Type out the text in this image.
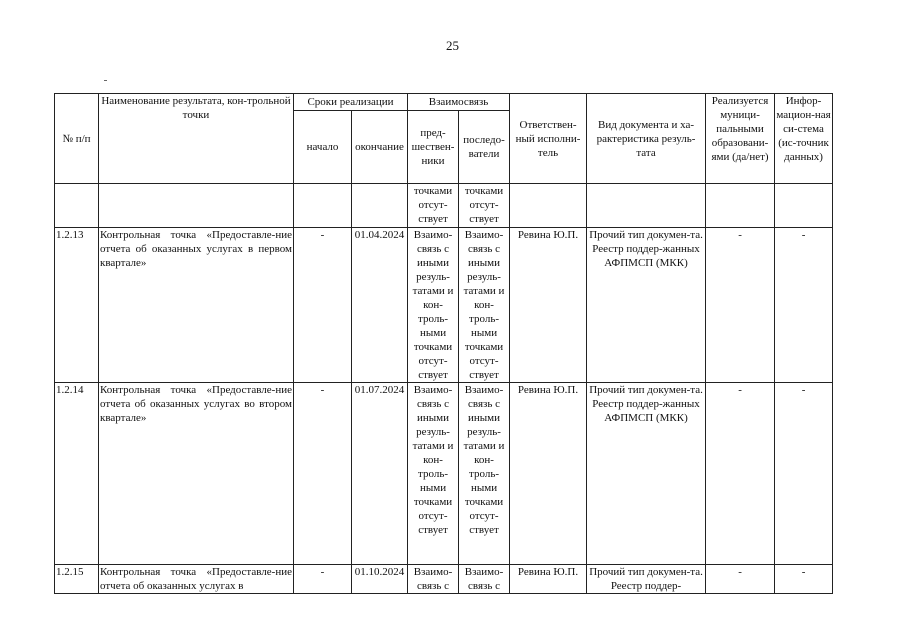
25
№ п/п	Наименование результата, кон-трольной точки	Сроки реализации		Взаимосвязь		Ответствен-ный исполни-тель	Вид документа и ха-рактеристика резуль-тата	Реализуется муници-пальными образовани-ями (да/нет)	Инфор-мацион-ная си-стема (ис-точник данных)
		начало	окончание	пред-шествен-ники	последо-ватели				
				точками отсут-ствует	точками отсут-ствует				
1.2.13	Контрольная точка «Предоставле-ние отчета об оказанных услугах в первом квартале»	-	01.04.2024	Взаимо-связь с иными резуль-татами и кон-троль-ными точками отсут-ствует	Взаимо-связь с иными резуль-татами и кон-троль-ными точками отсут-ствует	Ревина Ю.П.	Прочий тип докумен-та. Реестр поддер-жанных АФПМСП (МКК)	-	-
1.2.14	Контрольная точка «Предоставле-ние отчета об оказанных услугах во втором квартале»	-	01.07.2024	Взаимо-связь с иными резуль-татами и кон-троль-ными точками отсут-ствует	Взаимо-связь с иными резуль-татами и кон-троль-ными точками отсут-ствует	Ревина Ю.П.	Прочий тип докумен-та. Реестр поддер-жанных АФПМСП (МКК)	-	-

1.2.15	Контрольная точка «Предоставле-ние отчета об оказанных услугах в	-	01.10.2024	Взаимо-связь с	Взаимо-связь с	Ревина Ю.П.	Прочий тип докумен-та. Реестр поддер-	-	-
